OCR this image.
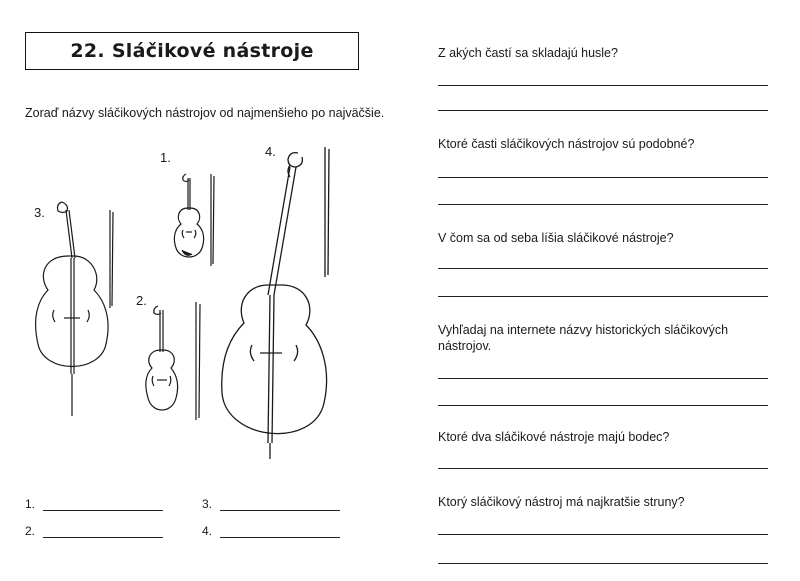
22. Sláčikové nástroje
Zoraď názvy sláčikových nástrojov od najmenšieho po najväčšie.
1.
2.
3.
4.
1.
2.
3.
4.
Z akých častí sa skladajú husle?
Ktoré časti sláčikových nástrojov sú podobné?
V čom sa od seba líšia sláčikové nástroje?
Vyhľadaj na internete názvy historických sláčikových nástrojov.
Ktoré dva sláčikové nástroje majú bodec?
Ktorý sláčikový nástroj má najkratšie struny?
